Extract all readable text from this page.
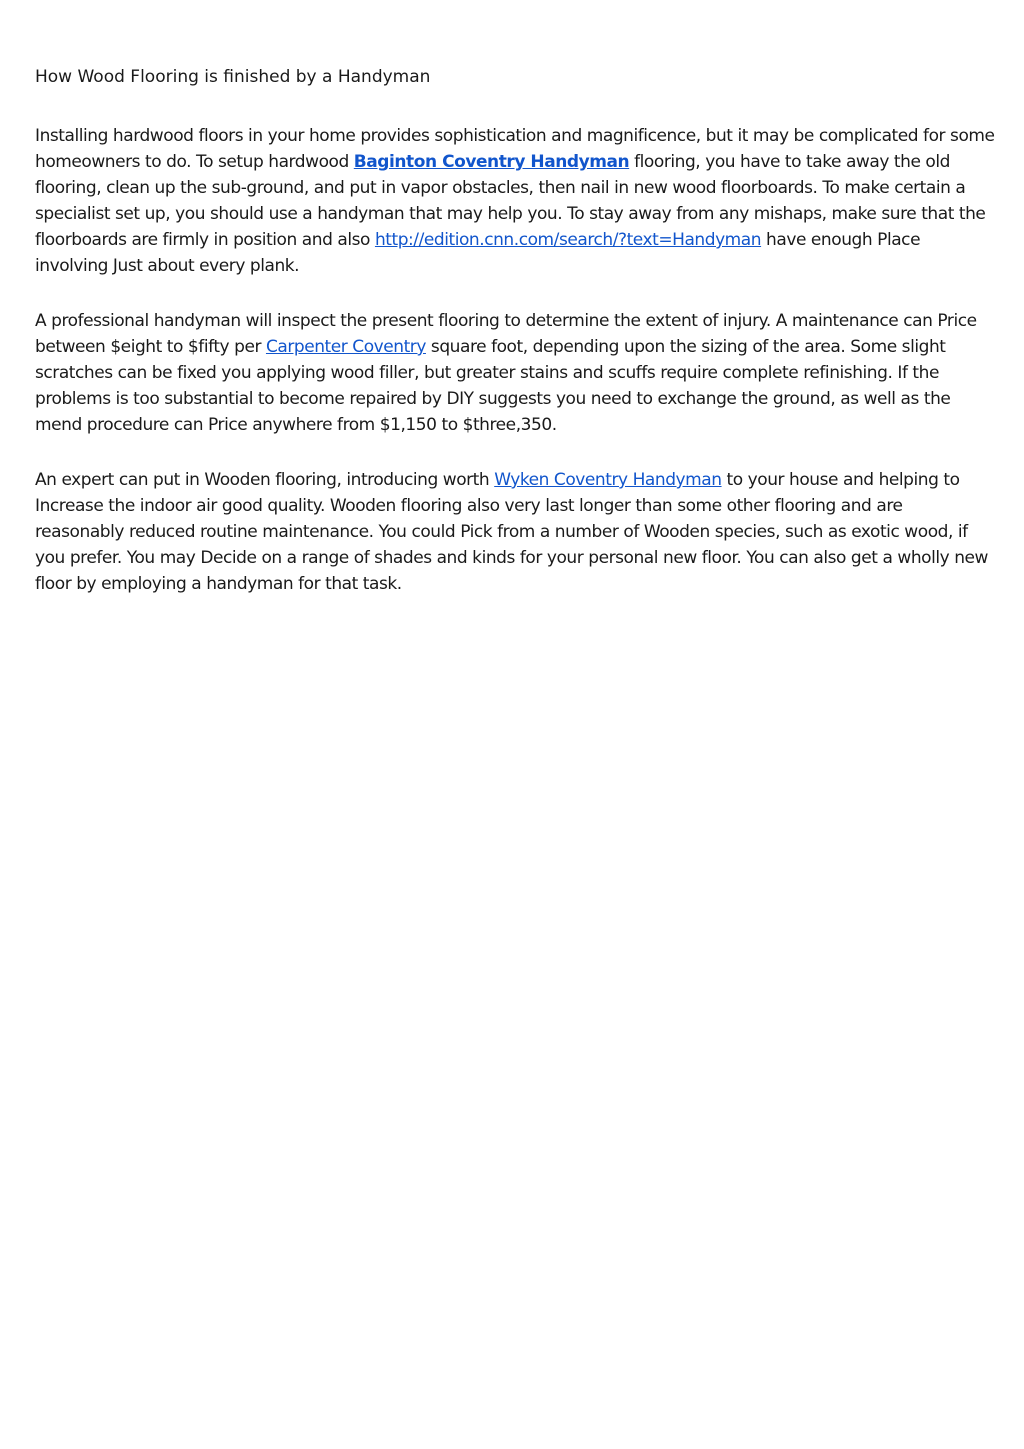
How Wood Flooring is finished by a Handyman

Installing hardwood floors in your home provides sophistication and magnificence, but it may be complicated for some homeowners to do. To setup hardwood Baginton Coventry Handyman flooring, you have to take away the old flooring, clean up the sub-ground, and put in vapor obstacles, then nail in new wood floorboards. To make certain a specialist set up, you should use a handyman that may help you. To stay away from any mishaps, make sure that the floorboards are firmly in position and also http://edition.cnn.com/search/?text=Handyman have enough Place involving Just about every plank.

A professional handyman will inspect the present flooring to determine the extent of injury. A maintenance can Price between $eight to $fifty per Carpenter Coventry square foot, depending upon the sizing of the area. Some slight scratches can be fixed you applying wood filler, but greater stains and scuffs require complete refinishing. If the problems is too substantial to become repaired by DIY suggests you need to exchange the ground, as well as the mend procedure can Price anywhere from $1,150 to $three,350.

An expert can put in Wooden flooring, introducing worth Wyken Coventry Handyman to your house and helping to Increase the indoor air good quality. Wooden flooring also very last longer than some other flooring and are reasonably reduced routine maintenance. You could Pick from a number of Wooden species, such as exotic wood, if you prefer. You may Decide on a range of shades and kinds for your personal new floor. You can also get a wholly new floor by employing a handyman for that task.
